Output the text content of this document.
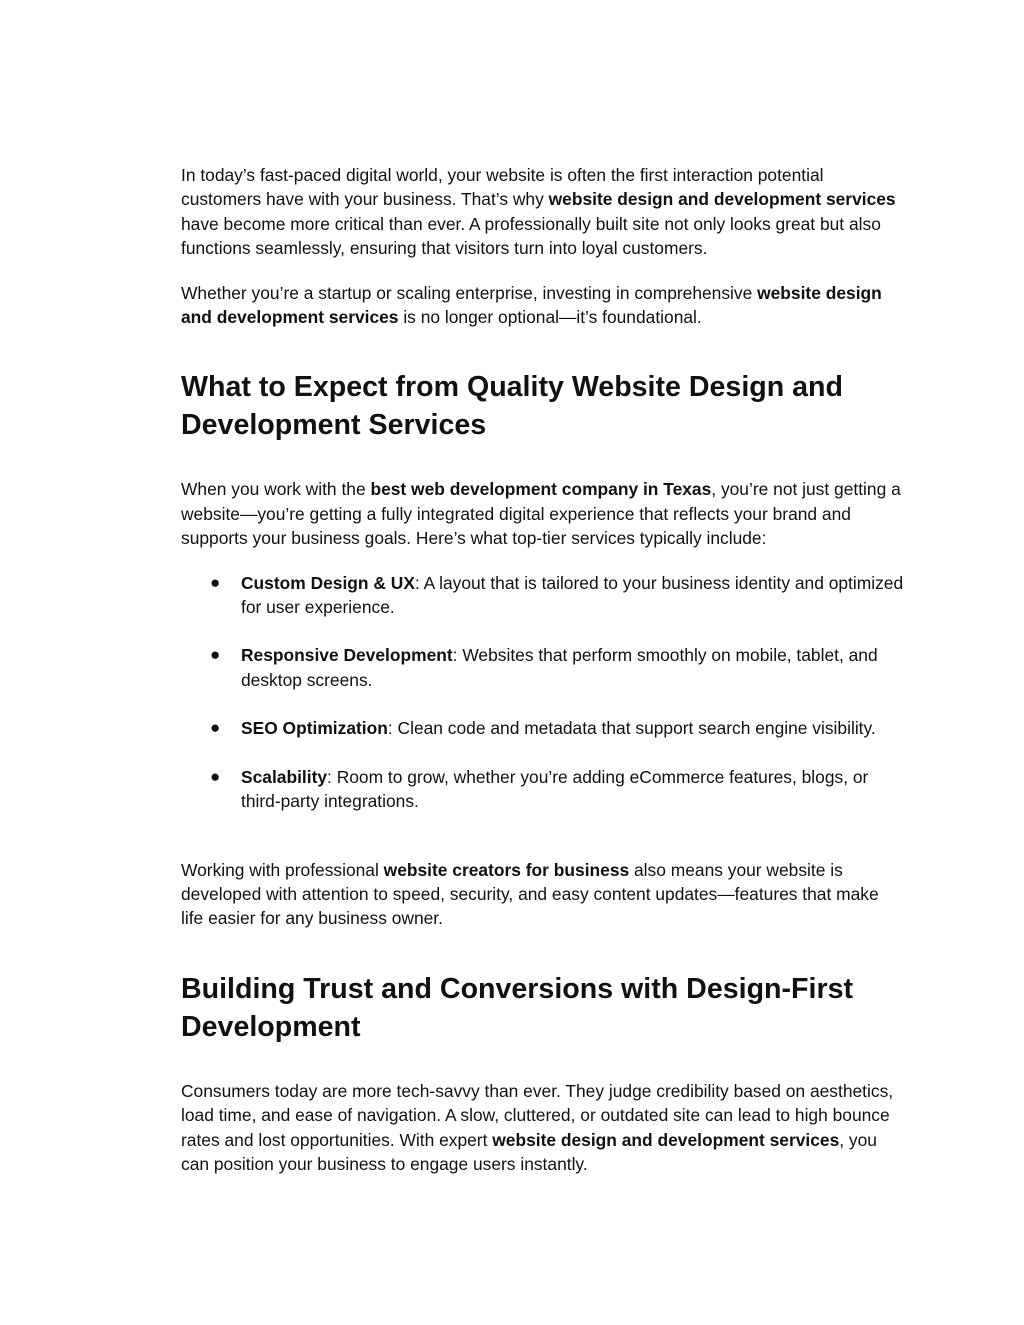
In today’s fast-paced digital world, your website is often the first interaction potential customers have with your business. That’s why website design and development services have become more critical than ever. A professionally built site not only looks great but also functions seamlessly, ensuring that visitors turn into loyal customers.

Whether you’re a startup or scaling enterprise, investing in comprehensive website design and development services is no longer optional—it’s foundational.

What to Expect from Quality Website Design and Development Services

When you work with the best web development company in Texas, you’re not just getting a website—you’re getting a fully integrated digital experience that reflects your brand and supports your business goals. Here’s what top-tier services typically include:

● Custom Design & UX: A layout that is tailored to your business identity and optimized for user experience.
● Responsive Development: Websites that perform smoothly on mobile, tablet, and desktop screens.
● SEO Optimization: Clean code and metadata that support search engine visibility.
● Scalability: Room to grow, whether you’re adding eCommerce features, blogs, or third-party integrations.

Working with professional website creators for business also means your website is developed with attention to speed, security, and easy content updates—features that make life easier for any business owner.

Building Trust and Conversions with Design-First Development

Consumers today are more tech-savvy than ever. They judge credibility based on aesthetics, load time, and ease of navigation. A slow, cluttered, or outdated site can lead to high bounce rates and lost opportunities. With expert website design and development services, you can position your business to engage users instantly.
